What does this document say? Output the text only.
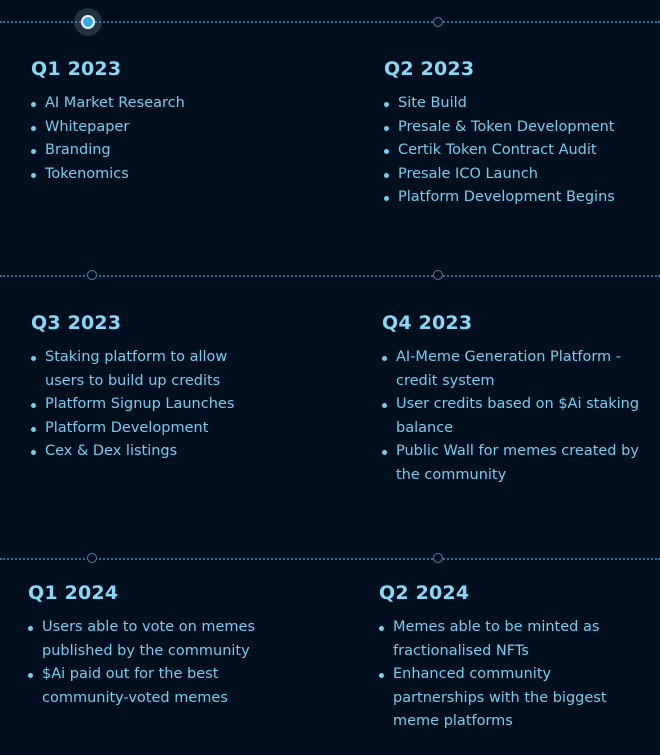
Q1 2023
AI Market Research
Whitepaper
Branding
Tokenomics
Q2 2023
Site Build
Presale & Token Development
Certik Token Contract Audit
Presale ICO Launch
Platform Development Begins
Q3 2023
Staking platform to allow users to build up credits
Platform Signup Launches
Platform Development
Cex & Dex listings
Q4 2023
AI-Meme Generation Platform - credit system
User credits based on $Ai staking balance
Public Wall for memes created by the community
Q1 2024
Users able to vote on memes published by the community
$Ai paid out for the best community-voted memes
Q2 2024
Memes able to be minted as fractionalised NFTs
Enhanced community partnerships with the biggest meme platforms
